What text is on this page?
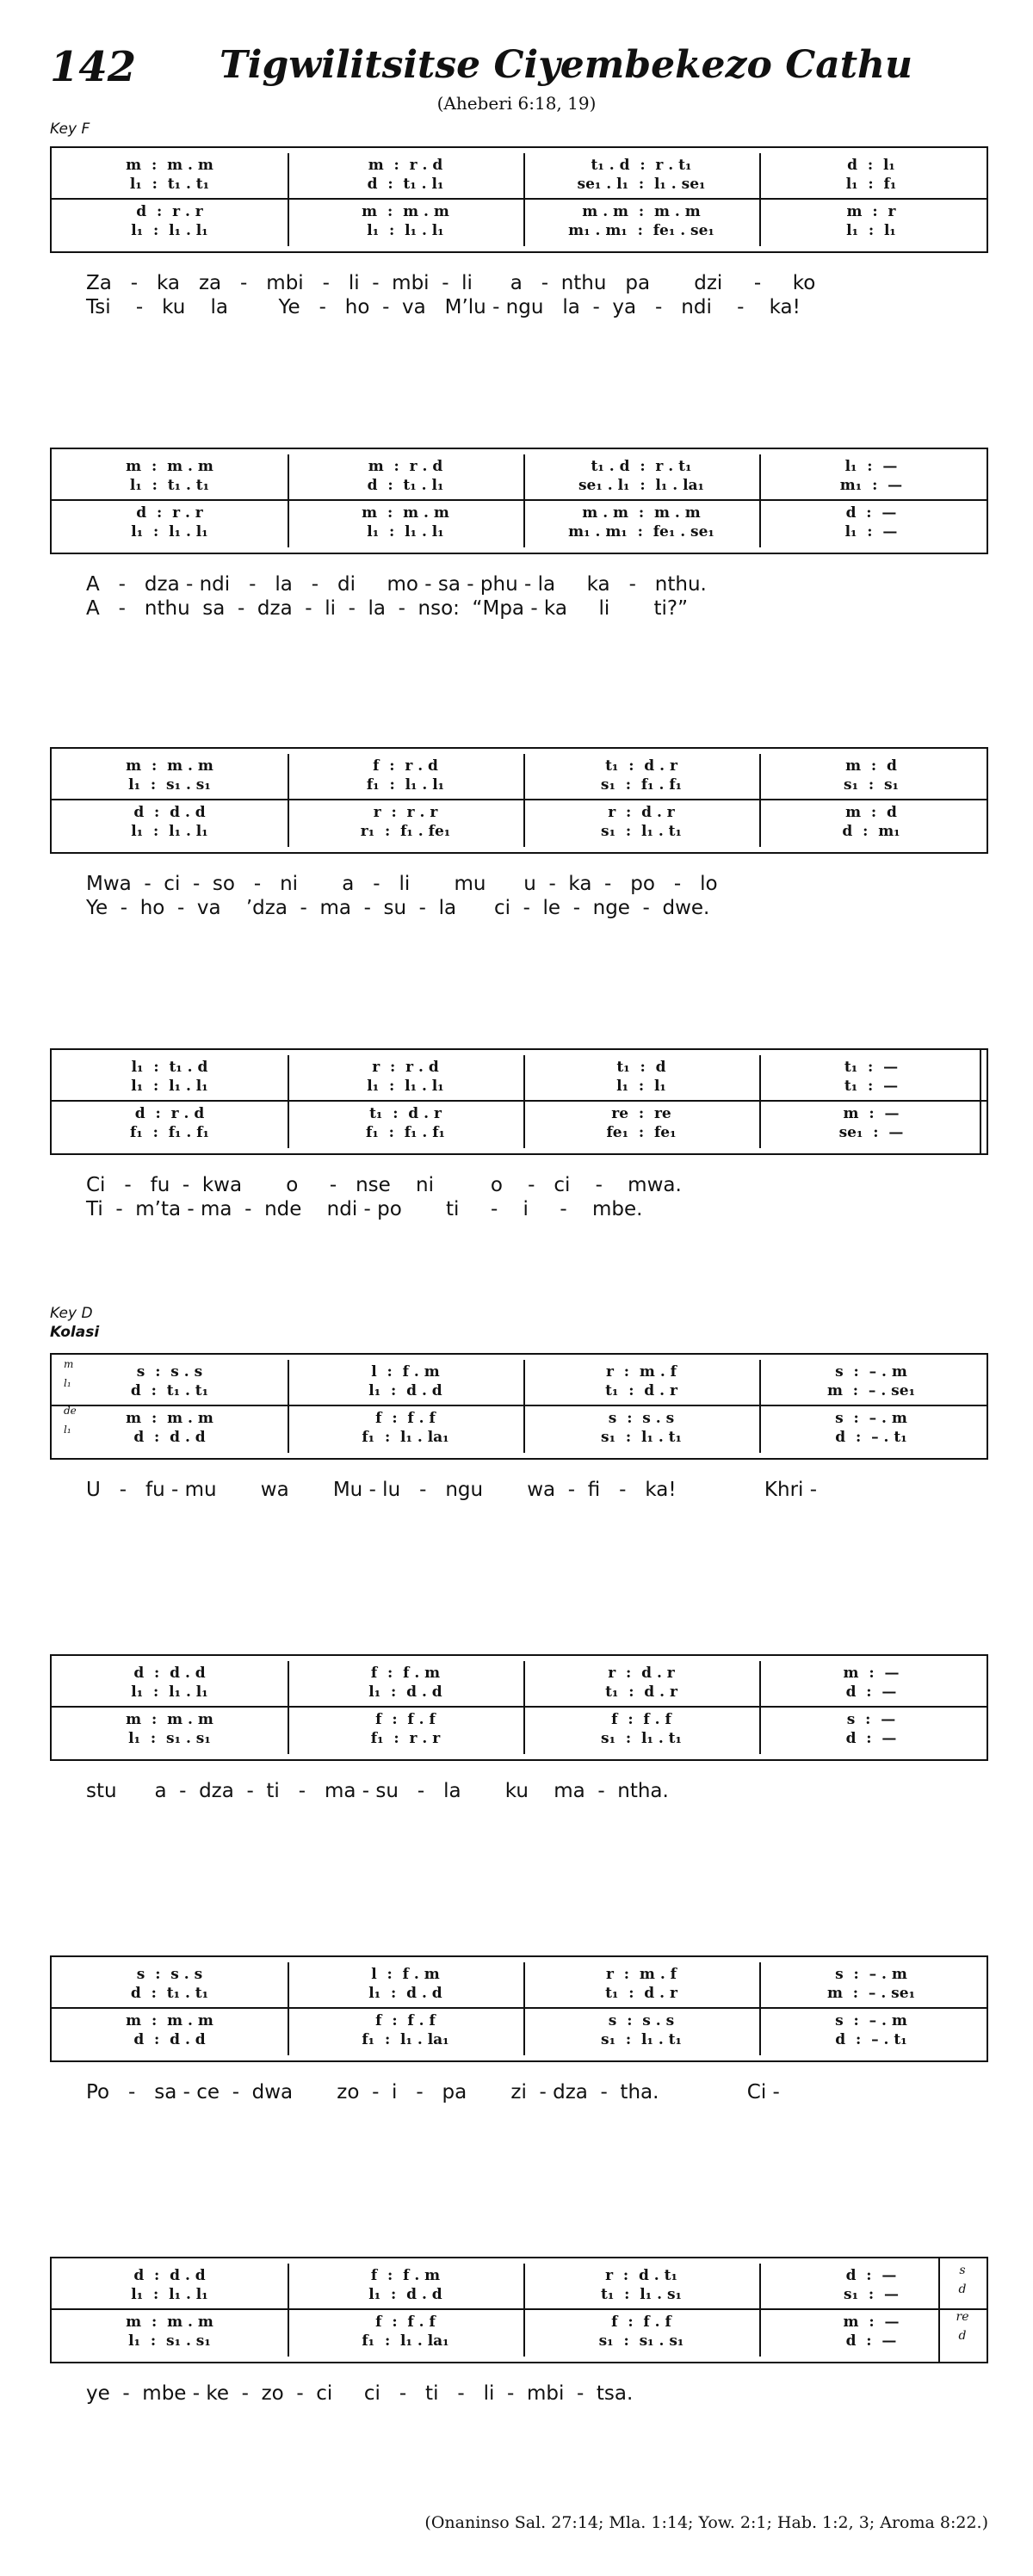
142 Tigwilitsitse Ciyembekezo Cathu
(Aheberi 6:18, 19)
Key F
Key D
Kolasi
m  :  m . m	m  :  r . d	t₁ . d  :  r . t₁	d  :  l₁
l₁  :  t₁ . t₁	d  :  t₁ . l₁	se₁ . l₁  :  l₁ . se₁	l₁  :  f₁
d  :  r . r	m  :  m . m	m . m  :  m . m	m  :  r
l₁  :  l₁ . l₁	l₁  :  l₁ . l₁	m₁ . m₁  :  fe₁ . se₁	l₁  :  l₁
Za   -   ka   za   -   mbi   -   li  -  mbi  -  li      a   -  nthu   pa       dzi     -     ko
Tsi    -   ku    la        Ye   -   ho  -  va   M’lu - ngu   la  -  ya   -   ndi    -    ka!
m  :  m . m	m  :  r . d	t₁ . d  :  r . t₁	l₁  :  —
l₁  :  t₁ . t₁	d  :  t₁ . l₁	se₁ . l₁  :  l₁ . la₁	m₁  :  —
d  :  r . r	m  :  m . m	m . m  :  m . m	d  :  —
l₁  :  l₁ . l₁	l₁  :  l₁ . l₁	m₁ . m₁  :  fe₁ . se₁	l₁  :  —
A   -   dza - ndi   -   la   -   di     mo - sa - phu - la     ka   -   nthu.
A   -   nthu  sa  -  dza  -  li  -  la  -  nso:  “Mpa - ka     li       ti?”
m  :  m . m	f  :  r . d	t₁  :  d . r	m  :  d
l₁  :  s₁ . s₁	f₁  :  l₁ . l₁	s₁  :  f₁ . f₁	s₁  :  s₁
d  :  d . d	r  :  r . r	r  :  d . r	m  :  d
l₁  :  l₁ . l₁	r₁  :  f₁ . fe₁	s₁  :  l₁ . t₁	d  :  m₁
Mwa  -  ci  -  so   -   ni       a   -   li       mu      u  -  ka  -   po   -   lo
Ye  -  ho  -  va    ’dza  -  ma  -  su  -  la      ci  -  le  -  nge  -  dwe.
l₁  :  t₁ . d	r  :  r . d	t₁  :  d	t₁  :  —
l₁  :  l₁ . l₁	l₁  :  l₁ . l₁	l₁  :  l₁	t₁  :  —
d  :  r . d	t₁  :  d . r	re  :  re	m  :  —
f₁  :  f₁ . f₁	f₁  :  f₁ . f₁	fe₁  :  fe₁	se₁  :  —
Ci   -   fu  -  kwa       o     -   nse    ni         o    -   ci    -    mwa.
Ti  -  m’ta - ma  -  nde    ndi - po       ti     -    i     -    mbe.
s  :  s . s	l  :  f . m	r  :  m . f	s  :  – . m
d  :  t₁ . t₁	l₁  :  d . d	t₁  :  d . r	m  :  – . se₁
m  :  m . m	f  :  f . f	s  :  s . s	s  :  – . m
d  :  d . d	f₁  :  l₁ . la₁	s₁  :  l₁ . t₁	d  :  – . t₁
m
l₁
de
l₁
U   -   fu - mu       wa       Mu - lu   -   ngu       wa  -  fi   -   ka!              Khri -
d  :  d . d	f  :  f . m	r  :  d . r	m  :  —
l₁  :  l₁ . l₁	l₁  :  d . d	t₁  :  d . r	d  :  —
m  :  m . m	f  :  f . f	f  :  f . f	s  :  —
l₁  :  s₁ . s₁	f₁  :  r . r	s₁  :  l₁ . t₁	d  :  —
stu      a  -  dza  -  ti   -   ma - su   -   la       ku    ma  -  ntha.
s  :  s . s	l  :  f . m	r  :  m . f	s  :  – . m
d  :  t₁ . t₁	l₁  :  d . d	t₁  :  d . r	m  :  – . se₁
m  :  m . m	f  :  f . f	s  :  s . s	s  :  – . m
d  :  d . d	f₁  :  l₁ . la₁	s₁  :  l₁ . t₁	d  :  – . t₁
Po   -   sa - ce  -  dwa       zo  -  i   -   pa       zi  - dza  -  tha.              Ci -
d  :  d . d	f  :  f . m	r  :  d . t₁	d  :  —
l₁  :  l₁ . l₁	l₁  :  d . d	t₁  :  l₁ . s₁	s₁  :  —
m  :  m . m	f  :  f . f	f  :  f . f	m  :  —
l₁  :  s₁ . s₁	f₁  :  l₁ . la₁	s₁  :  s₁ . s₁	d  :  —
s
d
re
d
ye  -  mbe - ke  -  zo  -  ci     ci   -   ti   -   li  -  mbi  -  tsa.
(Onaninso Sal. 27:14; Mla. 1:14; Yow. 2:1; Hab. 1:2, 3; Aroma 8:22.)
